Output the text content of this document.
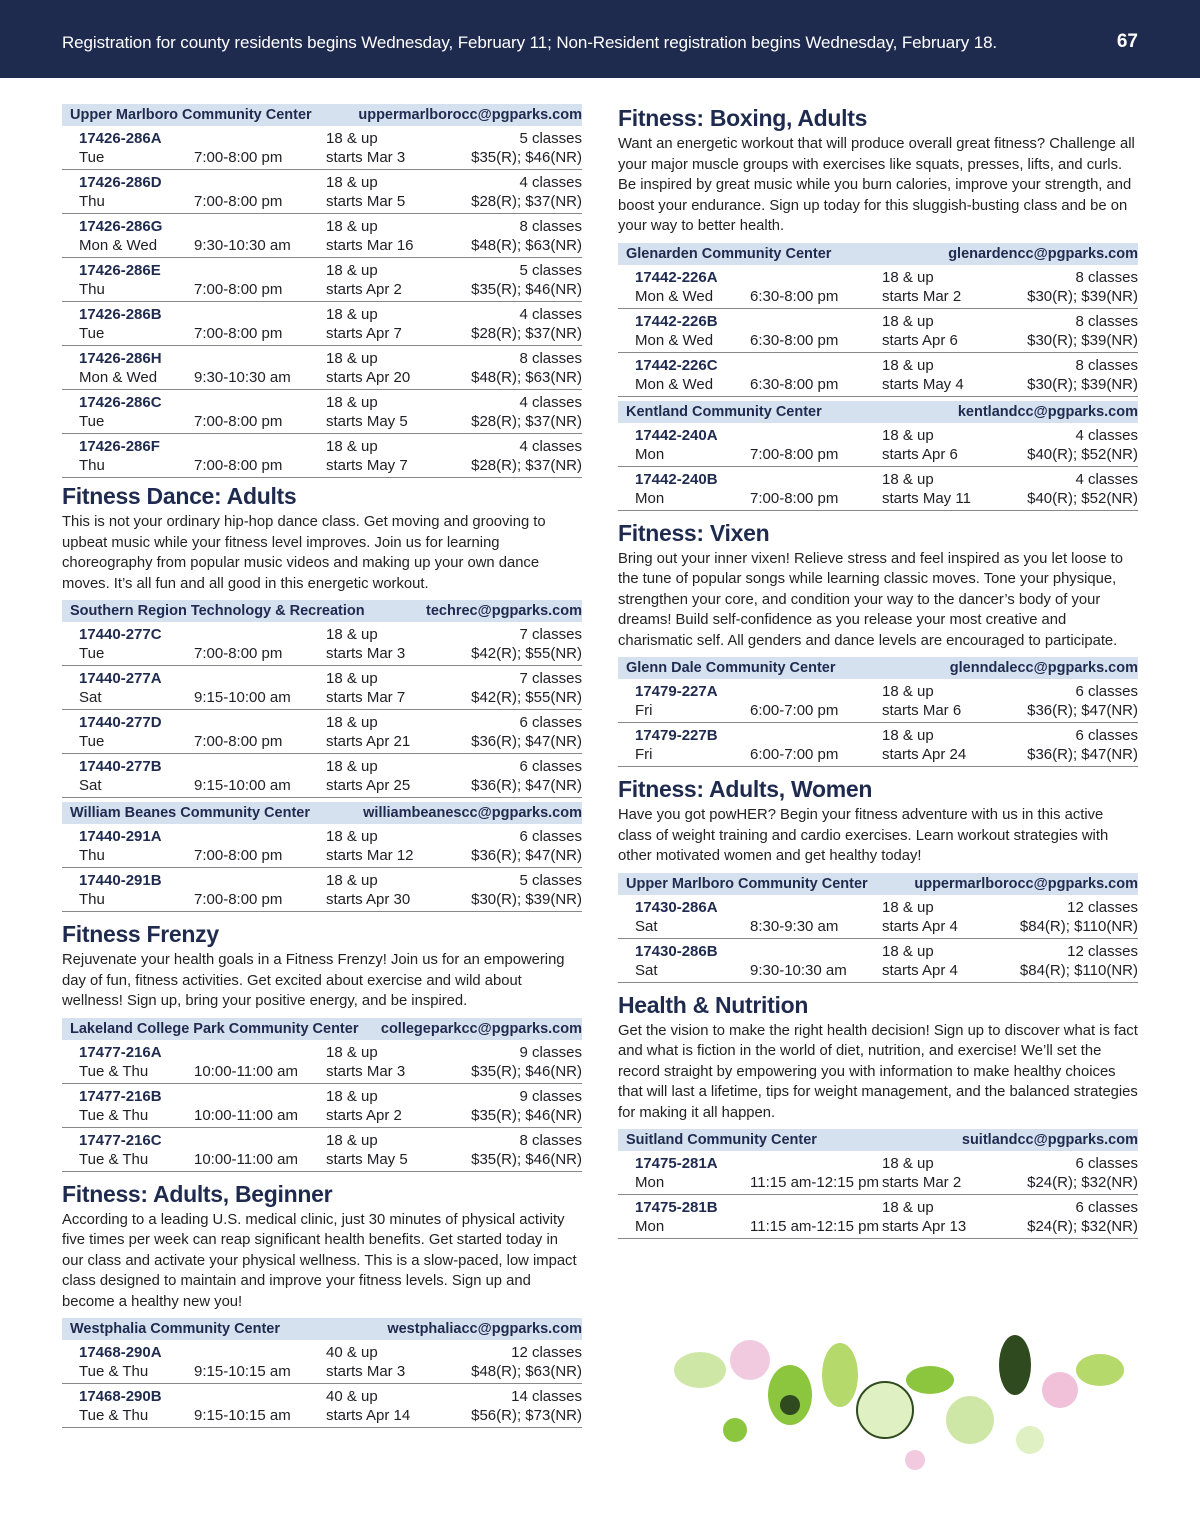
Registration for county residents begins Wednesday, February 11; Non-Resident registration begins Wednesday, February 18.	67
Upper Marlboro Community Center	uppermarlborocc@pgparks.com
17426-286A
Tue	7:00-8:00 pm
18 & up
starts Mar 3
5 classes
$35(R); $46(NR)
17426-286D
Thu	7:00-8:00 pm
18 & up
starts Mar 5
4 classes
$28(R); $37(NR)
17426-286G
Mon & Wed 9:30-10:30 am
18 & up
starts Mar 16
8 classes
$48(R); $63(NR)
17426-286E
Thu	7:00-8:00 pm
18 & up
starts Apr 2
5 classes
$35(R); $46(NR)
17426-286B
Tue	7:00-8:00 pm
18 & up
starts Apr 7
4 classes
$28(R); $37(NR)
17426-286H
Mon & Wed 9:30-10:30 am
18 & up
starts Apr 20
8 classes
$48(R); $63(NR)
17426-286C
Tue	7:00-8:00 pm
18 & up
starts May 5
4 classes
$28(R); $37(NR)
17426-286F
Thu	7:00-8:00 pm
18 & up
starts May 7
4 classes
$28(R); $37(NR)
Fitness Dance: Adults
This is not your ordinary hip-hop dance class. Get moving and grooving to upbeat music while your fitness level improves. Join us for learning choreography from popular music videos and making up your own dance moves. It’s all fun and all good in this energetic workout.
Southern Region Technology & Recreation	techrec@pgparks.com
17440-277C
Tue	7:00-8:00 pm
18 & up
starts Mar 3
7 classes
$42(R); $55(NR)
17440-277A
Sat	9:15-10:00 am
18 & up
starts Mar 7
7 classes
$42(R); $55(NR)
17440-277D
Tue	7:00-8:00 pm
18 & up
starts Apr 21
6 classes
$36(R); $47(NR)
17440-277B
Sat	9:15-10:00 am
18 & up
starts Apr 25
6 classes
$36(R); $47(NR)
William Beanes Community Center	williambeanescc@pgparks.com
17440-291A
Thu	7:00-8:00 pm
18 & up
starts Mar 12
6 classes
$36(R); $47(NR)
17440-291B
Thu	7:00-8:00 pm
18 & up
starts Apr 30
5 classes
$30(R); $39(NR)
Fitness Frenzy
Rejuvenate your health goals in a Fitness Frenzy! Join us for an empowering day of fun, fitness activities. Get excited about exercise and wild about wellness! Sign up, bring your positive energy, and be inspired.
Lakeland College Park Community Center collegeparkcc@pgparks.com
17477-216A
Tue & Thu	10:00-11:00 am
18 & up
starts Mar 3
9 classes
$35(R); $46(NR)
17477-216B
Tue & Thu	10:00-11:00 am
18 & up
starts Apr 2
9 classes
$35(R); $46(NR)
17477-216C
Tue & Thu	10:00-11:00 am
18 & up
starts May 5
8 classes
$35(R); $46(NR)
Fitness: Adults, Beginner
According to a leading U.S. medical clinic, just 30 minutes of physical activity five times per week can reap significant health benefits. Get started today in our class and activate your physical wellness. This is a slow-paced, low impact class designed to maintain and improve your fitness levels. Sign up and become a healthy new you!
Westphalia Community Center	westphaliacc@pgparks.com
17468-290A
Tue & Thu	9:15-10:15 am
40 & up
starts Mar 3
12 classes
$48(R); $63(NR)
17468-290B
Tue & Thu	9:15-10:15 am
40 & up
starts Apr 14
14 classes
$56(R); $73(NR)
Fitness: Boxing, Adults
Want an energetic workout that will produce overall great fitness? Challenge all your major muscle groups with exercises like squats, presses, lifts, and curls. Be inspired by great music while you burn calories, improve your strength, and boost your endurance. Sign up today for this sluggish-busting class and be on your way to better health.
Glenarden Community Center	glenardencc@pgparks.com
17442-226A
Mon & Wed 6:30-8:00 pm
18 & up
starts Mar 2
8 classes
$30(R); $39(NR)
17442-226B
Mon & Wed 6:30-8:00 pm
18 & up
starts Apr 6
8 classes
$30(R); $39(NR)
17442-226C
Mon & Wed 6:30-8:00 pm
18 & up
starts May 4
8 classes
$30(R); $39(NR)
Kentland Community Center	kentlandcc@pgparks.com
17442-240A
Mon	7:00-8:00 pm
18 & up
starts Apr 6
4 classes
$40(R); $52(NR)
17442-240B
Mon	7:00-8:00 pm
18 & up
starts May 11
4 classes
$40(R); $52(NR)
Fitness: Vixen
Bring out your inner vixen! Relieve stress and feel inspired as you let loose to the tune of popular songs while learning classic moves. Tone your physique, strengthen your core, and condition your way to the dancer’s body of your dreams! Build self-confidence as you release your most creative and charismatic self. All genders and dance levels are encouraged to participate.
Glenn Dale Community Center	glenndalecc@pgparks.com
17479-227A
Fri	6:00-7:00 pm
18 & up
starts Mar 6
6 classes
$36(R); $47(NR)
17479-227B
Fri	6:00-7:00 pm
18 & up
starts Apr 24
6 classes
$36(R); $47(NR)
Fitness: Adults, Women
Have you got powHER? Begin your fitness adventure with us in this active class of weight training and cardio exercises. Learn workout strategies with other motivated women and get healthy today!
Upper Marlboro Community Center	uppermarlborocc@pgparks.com
17430-286A
Sat	8:30-9:30 am
18 & up
starts Apr 4
12 classes
$84(R); $110(NR)
17430-286B
Sat	9:30-10:30 am
18 & up
starts Apr 4
12 classes
$84(R); $110(NR)
Health & Nutrition
Get the vision to make the right health decision! Sign up to discover what is fact and what is fiction in the world of diet, nutrition, and exercise! We’ll set the record straight by empowering you with information to make healthy choices that will last a lifetime, tips for weight management, and the balanced strategies for making it all happen.
Suitland Community Center	suitlandcc@pgparks.com
17475-281A
Mon	11:15 am-12:15 pm
18 & up
starts Mar 2
6 classes
$24(R); $32(NR)
17475-281B
Mon	11:15 am-12:15 pm
18 & up
starts Apr 13
6 classes
$24(R); $32(NR)
